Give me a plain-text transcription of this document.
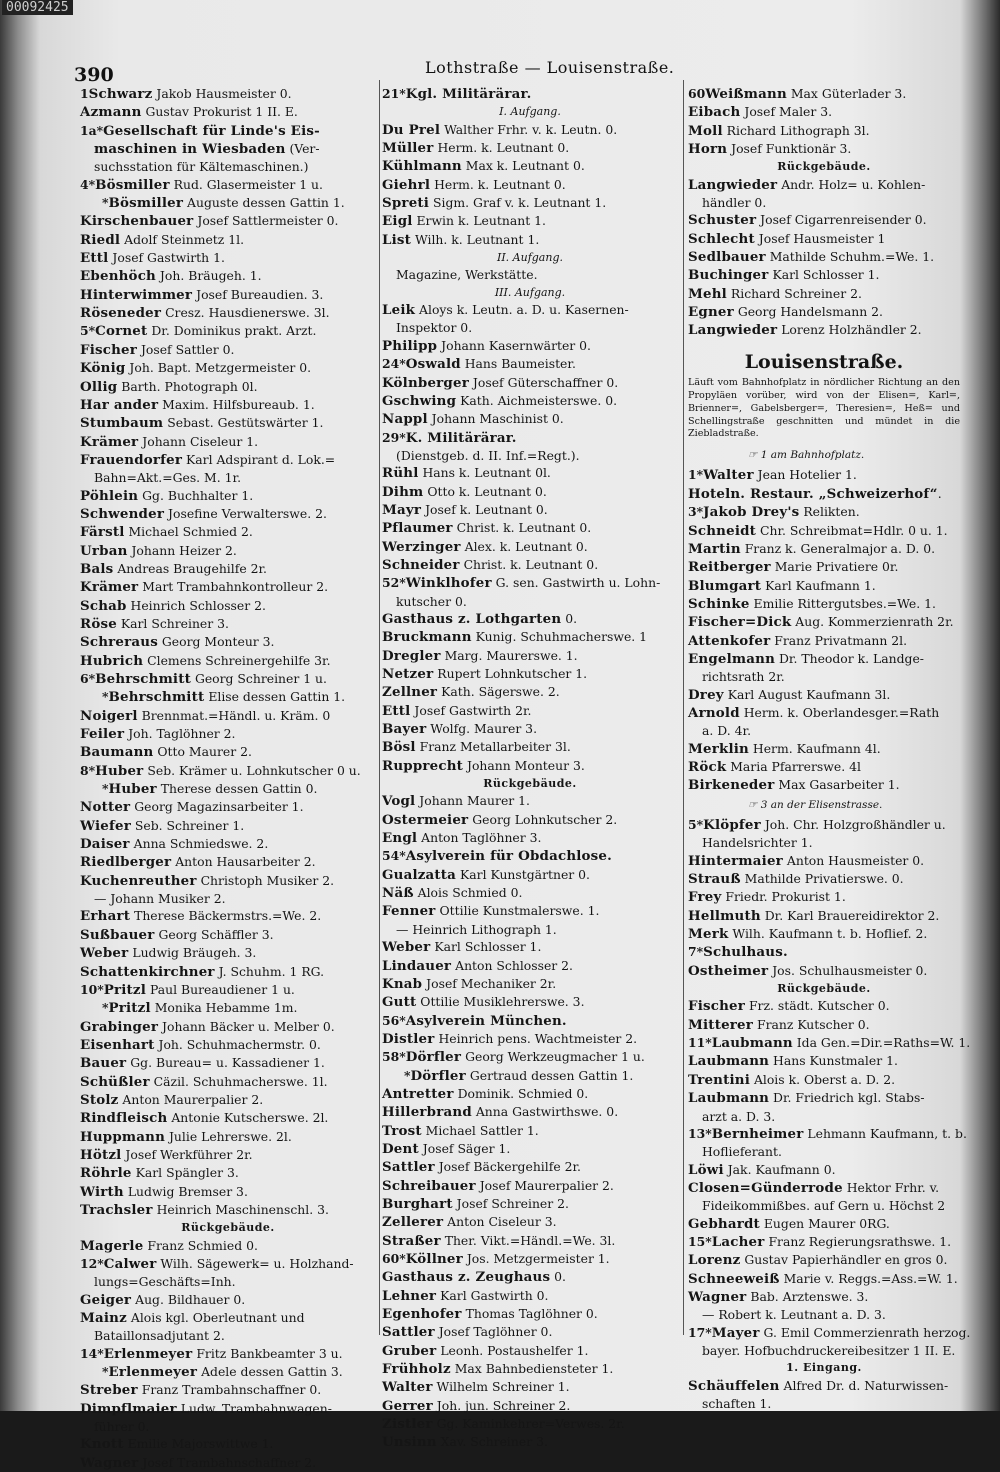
00092425
390	Lothstraße — Louisenstraße.
1Schwarz Jakob Hausmeister 0.
Azmann Gustav Prokurist 1 II. E.
1a*Gesellschaft für Linde's Eis-
maschinen in Wiesbaden (Ver-
suchsstation für Kältemaschinen.)
4*Bösmiller Rud. Glasermeister 1 u.
*Bösmiller Auguste dessen Gattin 1.
Kirschenbauer Josef Sattlermeister 0.
Riedl Adolf Steinmetz 1l.
Ettl Josef Gastwirth 1.
Ebenhöch Joh. Bräugeh. 1.
Hinterwimmer Josef Bureaudien. 3.
Röseneder Cresz. Hausdienerswe. 3l.
5*Cornet Dr. Dominikus prakt. Arzt.
Fischer Josef Sattler 0.
König Joh. Bapt. Metzgermeister 0.
Ollig Barth. Photograph 0l.
Har ander Maxim. Hilfsbureaub. 1.
Stumbaum Sebast. Gestütswärter 1.
Krämer Johann Ciseleur 1.
Frauendorfer Karl Adspirant d. Lok.=
Bahn=Akt.=Ges. M. 1r.
Pöhlein Gg. Buchhalter 1.
Schwender Josefine Verwalterswe. 2.
Färstl Michael Schmied 2.
Urban Johann Heizer 2.
Bals Andreas Braugehilfe 2r.
Krämer Mart Trambahnkontrolleur 2.
Schab Heinrich Schlosser 2.
Röse Karl Schreiner 3.
Schreraus Georg Monteur 3.
Hubrich Clemens Schreinergehilfe 3r.
6*Behrschmitt Georg Schreiner 1 u.
*Behrschmitt Elise dessen Gattin 1.
Noigerl Brennmat.=Händl. u. Kräm. 0
Feiler Joh. Taglöhner 2.
Baumann Otto Maurer 2.
8*Huber Seb. Krämer u. Lohnkutscher 0 u.
*Huber Therese dessen Gattin 0.
Notter Georg Magazinsarbeiter 1.
Wiefer Seb. Schreiner 1.
Daiser Anna Schmiedswe. 2.
Riedlberger Anton Hausarbeiter 2.
Kuchenreuther Christoph Musiker 2.
— Johann Musiker 2.
Erhart Therese Bäckermstrs.=We. 2.
Sußbauer Georg Schäffler 3.
Weber Ludwig Bräugeh. 3.
Schattenkirchner J. Schuhm. 1 RG.
10*Pritzl Paul Bureaudiener 1 u.
*Pritzl Monika Hebamme 1m.
Grabinger Johann Bäcker u. Melber 0.
Eisenhart Joh. Schuhmachermstr. 0.
Bauer Gg. Bureau= u. Kassadiener 1.
Schüßler Cäzil. Schuhmacherswe. 1l.
Stolz Anton Maurerpalier 2.
Rindfleisch Antonie Kutscherswe. 2l.
Huppmann Julie Lehrerswe. 2l.
Hötzl Josef Werkführer 2r.
Röhrle Karl Spängler 3.
Wirth Ludwig Bremser 3.
Trachsler Heinrich Maschinenschl. 3.
Rückgebäude.
Magerle Franz Schmied 0.
12*Calwer Wilh. Sägewerk= u. Holzhand-
lungs=Geschäfts=Inh.
Geiger Aug. Bildhauer 0.
Mainz Alois kgl. Oberleutnant und
Bataillonsadjutant 2.
14*Erlenmeyer Fritz Bankbeamter 3 u.
*Erlenmeyer Adele dessen Gattin 3.
Streber Franz Trambahnschaffner 0.
Dimpflmaier Ludw. Trambahnwagen-
führer 0.
Knott Emilie Majorswittwe 1.
Wagner Josef Trambahnschaffner 2.
21*Kgl. Militärärar.
I. Aufgang.
Du Prel Walther Frhr. v. k. Leutn. 0.
Müller Herm. k. Leutnant 0.
Kühlmann Max k. Leutnant 0.
Giehrl Herm. k. Leutnant 0.
Spreti Sigm. Graf v. k. Leutnant 1.
Eigl Erwin k. Leutnant 1.
List Wilh. k. Leutnant 1.
II. Aufgang.
Magazine, Werkstätte.
III. Aufgang.
Leik Aloys k. Leutn. a. D. u. Kasernen-
Inspektor 0.
Philipp Johann Kasernwärter 0.
24*Oswald Hans Baumeister.
Kölnberger Josef Güterschaffner 0.
Gschwing Kath. Aichmeisterswe. 0.
Nappl Johann Maschinist 0.
29*K. Militärärar.
(Dienstgeb. d. II. Inf.=Regt.).
Rühl Hans k. Leutnant 0l.
Dihm Otto k. Leutnant 0.
Mayr Josef k. Leutnant 0.
Pflaumer Christ. k. Leutnant 0.
Werzinger Alex. k. Leutnant 0.
Schneider Christ. k. Leutnant 0.
52*Winklhofer G. sen. Gastwirth u. Lohn-
kutscher 0.
Gasthaus z. Lothgarten 0.
Bruckmann Kunig. Schuhmacherswe. 1
Dregler Marg. Maurerswe. 1.
Netzer Rupert Lohnkutscher 1.
Zellner Kath. Sägerswe. 2.
Ettl Josef Gastwirth 2r.
Bayer Wolfg. Maurer 3.
Bösl Franz Metallarbeiter 3l.
Rupprecht Johann Monteur 3.
Rückgebäude.
Vogl Johann Maurer 1.
Ostermeier Georg Lohnkutscher 2.
Engl Anton Taglöhner 3.
54*Asylverein für Obdachlose.
Gualzatta Karl Kunstgärtner 0.
Näß Alois Schmied 0.
Fenner Ottilie Kunstmalerswe. 1.
— Heinrich Lithograph 1.
Weber Karl Schlosser 1.
Lindauer Anton Schlosser 2.
Knab Josef Mechaniker 2r.
Gutt Ottilie Musiklehrerswe. 3.
56*Asylverein München.
Distler Heinrich pens. Wachtmeister 2.
58*Dörfler Georg Werkzeugmacher 1 u.
*Dörfler Gertraud dessen Gattin 1.
Antretter Dominik. Schmied 0.
Hillerbrand Anna Gastwirthswe. 0.
Trost Michael Sattler 1.
Dent Josef Säger 1.
Sattler Josef Bäckergehilfe 2r.
Schreibauer Josef Maurerpalier 2.
Burghart Josef Schreiner 2.
Zellerer Anton Ciseleur 3.
Straßer Ther. Vikt.=Händl.=We. 3l.
60*Köllner Jos. Metzgermeister 1.
Gasthaus z. Zeughaus 0.
Lehner Karl Gastwirth 0.
Egenhofer Thomas Taglöhner 0.
Sattler Josef Taglöhner 0.
Gruber Leonh. Postaushelfer 1.
Frühholz Max Bahnbediensteter 1.
Walter Wilhelm Schreiner 1.
Gerrer Joh. jun. Schreiner 2.
Zistler Gg. Kaminkehrer=Verwes. 2r.
Unsinn Xav. Schreiner 3.
60Weißmann Max Güterlader 3.
Eibach Josef Maler 3.
Moll Richard Lithograph 3l.
Horn Josef Funktionär 3.
Rückgebäude.
Langwieder Andr. Holz= u. Kohlen-
händler 0.
Schuster Josef Cigarrenreisender 0.
Schlecht Josef Hausmeister 1
Sedlbauer Mathilde Schuhm.=We. 1.
Buchinger Karl Schlosser 1.
Mehl Richard Schreiner 2.
Egner Georg Handelsmann 2.
Langwieder Lorenz Holzhändler 2.
Louisenstraße.
Läuft vom Bahnhofplatz in nördlicher Richtung an den Propyläen vorüber, wird von der Elisen=, Karl=, Brienner=, Gabelsberger=, Theresien=, Heß= und Schellingstraße geschnitten und mündet in die Ziebladstraße.
☞ 1 am Bahnhofplatz.
1*Walter Jean Hotelier 1.
Hoteln. Restaur. „Schweizerhof“.
3*Jakob Drey's Relikten.
Schneidt Chr. Schreibmat=Hdlr. 0 u. 1.
Martin Franz k. Generalmajor a. D. 0.
Reitberger Marie Privatiere 0r.
Blumgart Karl Kaufmann 1.
Schinke Emilie Rittergutsbes.=We. 1.
Fischer=Dick Aug. Kommerzienrath 2r.
Attenkofer Franz Privatmann 2l.
Engelmann Dr. Theodor k. Landge-
richtsrath 2r.
Drey Karl August Kaufmann 3l.
Arnold Herm. k. Oberlandesger.=Rath
a. D. 4r.
Merklin Herm. Kaufmann 4l.
Röck Maria Pfarrerswe. 4l
Birkeneder Max Gasarbeiter 1.
☞ 3 an der Elisenstrasse.
5*Klöpfer Joh. Chr. Holzgroßhändler u.
Handelsrichter 1.
Hintermaier Anton Hausmeister 0.
Strauß Mathilde Privatierswe. 0.
Frey Friedr. Prokurist 1.
Hellmuth Dr. Karl Brauereidirektor 2.
Merk Wilh. Kaufmann t. b. Hoflief. 2.
7*Schulhaus.
Ostheimer Jos. Schulhausmeister 0.
Rückgebäude.
Fischer Frz. städt. Kutscher 0.
Mitterer Franz Kutscher 0.
11*Laubmann Ida Gen.=Dir.=Raths=W. 1.
Laubmann Hans Kunstmaler 1.
Trentini Alois k. Oberst a. D. 2.
Laubmann Dr. Friedrich kgl. Stabs-
arzt a. D. 3.
13*Bernheimer Lehmann Kaufmann, t. b.
Hoflieferant.
Löwi Jak. Kaufmann 0.
Closen=Günderrode Hektor Frhr. v.
Fideikommißbes. auf Gern u. Höchst 2
Gebhardt Eugen Maurer 0RG.
15*Lacher Franz Regierungsrathswe. 1.
Lorenz Gustav Papierhändler en gros 0.
Schneeweiß Marie v. Reggs.=Ass.=W. 1.
Wagner Bab. Arztenswe. 3.
— Robert k. Leutnant a. D. 3.
17*Mayer G. Emil Commerzienrath herzog.
bayer. Hofbuchdruckereibesitzer 1 II. E.
1. Eingang.
Schäuffelen Alfred Dr. d. Naturwissen-
schaften 1.
